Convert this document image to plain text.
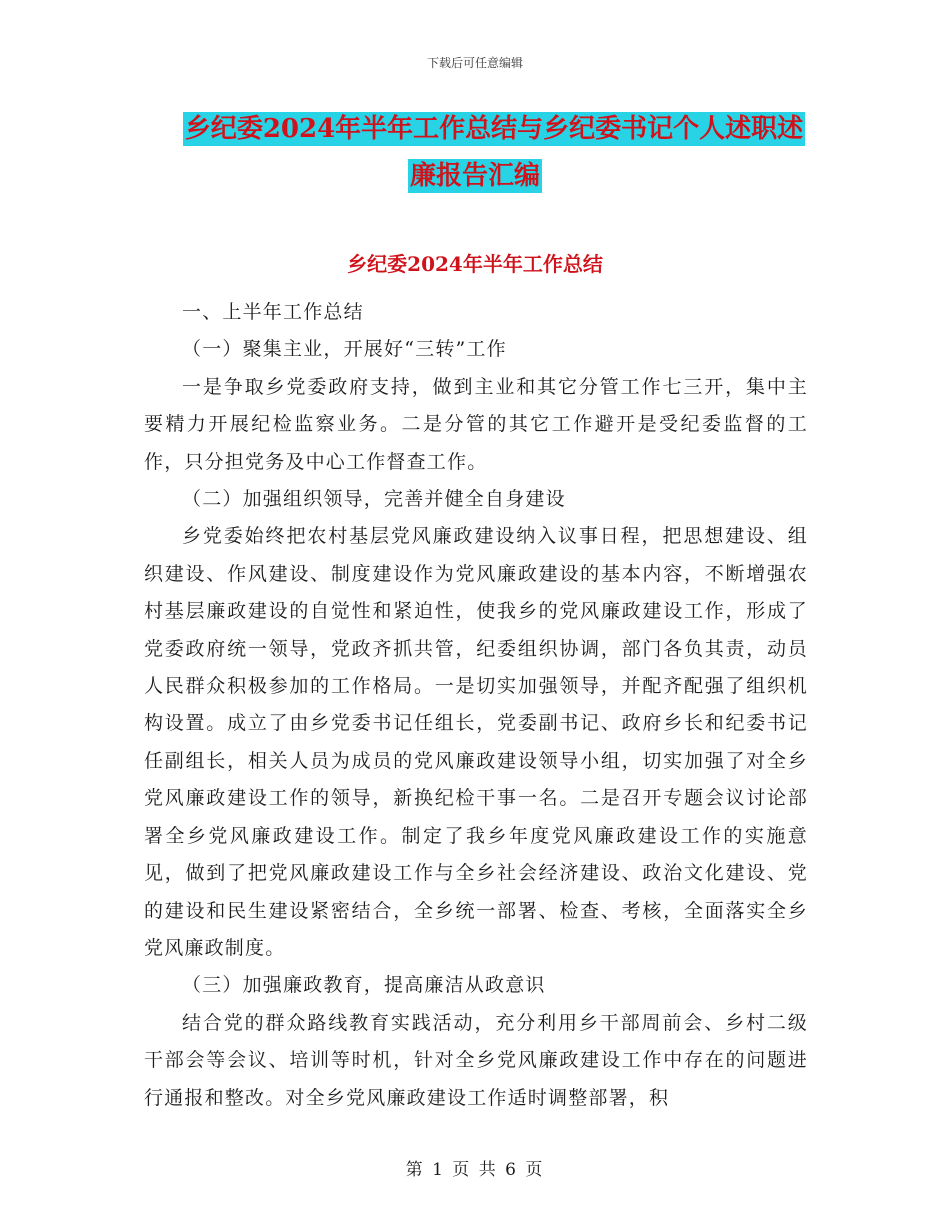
下载后可任意编辑
乡纪委2024年半年工作总结与乡纪委书记个人述职述
廉报告汇编
乡纪委2024年半年工作总结

一、上半年工作总结

（一）聚集主业，开展好“三转”工作

一是争取乡党委政府支持，做到主业和其它分管工作七三开，集中主要精力开展纪检监察业务。二是分管的其它工作避开是受纪委监督的工作，只分担党务及中心工作督查工作。

（二）加强组织领导，完善并健全自身建设

乡党委始终把农村基层党风廉政建设纳入议事日程，把思想建设、组织建设、作风建设、制度建设作为党风廉政建设的基本内容，不断增强农村基层廉政建设的自觉性和紧迫性，使我乡的党风廉政建设工作，形成了党委政府统一领导，党政齐抓共管，纪委组织协调，部门各负其责，动员人民群众积极参加的工作格局。一是切实加强领导，并配齐配强了组织机构设置。成立了由乡党委书记任组长，党委副书记、政府乡长和纪委书记任副组长，相关人员为成员的党风廉政建设领导小组，切实加强了对全乡党风廉政建设工作的领导，新换纪检干事一名。二是召开专题会议讨论部署全乡党风廉政建设工作。制定了我乡年度党风廉政建设工作的实施意见，做到了把党风廉政建设工作与全乡社会经济建设、政治文化建设、党的建设和民生建设紧密结合，全乡统一部署、检查、考核，全面落实全乡党风廉政制度。

（三）加强廉政教育，提高廉洁从政意识

结合党的群众路线教育实践活动，充分利用乡干部周前会、乡村二级干部会等会议、培训等时机，针对全乡党风廉政建设工作中存在的问题进行通报和整改。对全乡党风廉政建设工作适时调整部署，积

第 1 页 共 6 页
